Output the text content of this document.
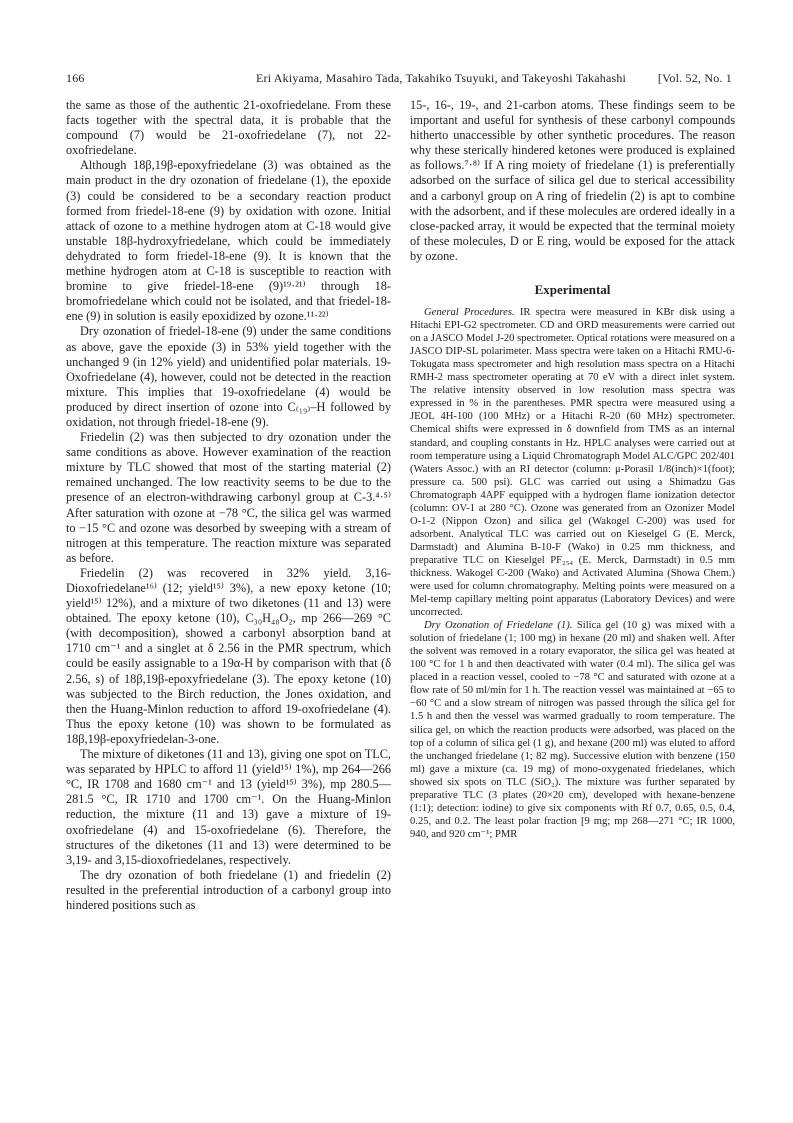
166	Eri Akiyama, Masahiro Tada, Takahiko Tsuyuki, and Takeyoshi Takahashi	[Vol. 52, No. 1

the same as those of the authentic 21-oxofriedelane. From these facts together with the spectral data, it is probable that the compound (7) would be 21-oxofriedelane (7), not 22-oxofriedelane.

Although 18β,19β-epoxyfriedelane (3) was obtained as the main product in the dry ozonation of friedelane (1), the epoxide (3) could be considered to be a secondary reaction product formed from friedel-18-ene (9) by oxidation with ozone. Initial attack of ozone to a methine hydrogen atom at C-18 would give unstable 18β-hydroxyfriedelane, which could be immediately dehydrated to form friedel-18-ene (9). It is known that the methine hydrogen atom at C-18 is susceptible to reaction with bromine to give friedel-18-ene (9)¹⁹·²¹⁾ through 18-bromofriedelane which could not be isolated, and that friedel-18-ene (9) in solution is easily epoxidized by ozone.¹¹·²²⁾

Dry ozonation of friedel-18-ene (9) under the same conditions as above, gave the epoxide (3) in 53% yield together with the unchanged 9 (in 12% yield) and unidentified polar materials. 19-Oxofriedelane (4), however, could not be detected in the reaction mixture. This implies that 19-oxofriedelane (4) would be produced by direct insertion of ozone into C₍₁₉₎–H followed by oxidation, not through friedel-18-ene (9).

Friedelin (2) was then subjected to dry ozonation under the same conditions as above. However examination of the reaction mixture by TLC showed that most of the starting material (2) remained unchanged. The low reactivity seems to be due to the presence of an electron-withdrawing carbonyl group at C-3.⁴·⁵⁾ After saturation with ozone at −78 °C, the silica gel was warmed to −15 °C and ozone was desorbed by sweeping with a stream of nitrogen at this temperature. The reaction mixture was separated as before.

Friedelin (2) was recovered in 32% yield. 3,16-Dioxofriedelane¹⁶⁾ (12; yield¹⁵⁾ 3%), a new epoxy ketone (10; yield¹⁵⁾ 12%), and a mixture of two diketones (11 and 13) were obtained. The epoxy ketone (10), C₃₀H₄₈O₂, mp 266—269 °C (with decomposition), showed a carbonyl absorption band at 1710 cm⁻¹ and a singlet at δ 2.56 in the PMR spectrum, which could be easily assignable to a 19α-H by comparison with that (δ 2.56, s) of 18β,19β-epoxyfriedelane (3). The epoxy ketone (10) was subjected to the Birch reduction, the Jones oxidation, and then the Huang-Minlon reduction to afford 19-oxofriedelane (4). Thus the epoxy ketone (10) was shown to be formulated as 18β,19β-epoxyfriedelan-3-one.

The mixture of diketones (11 and 13), giving one spot on TLC, was separated by HPLC to afford 11 (yield¹⁵⁾ 1%), mp 264—266 °C, IR 1708 and 1680 cm⁻¹ and 13 (yield¹⁵⁾ 3%), mp 280.5—281.5 °C, IR 1710 and 1700 cm⁻¹. On the Huang-Minlon reduction, the mixture (11 and 13) gave a mixture of 19-oxofriedelane (4) and 15-oxofriedelane (6). Therefore, the structures of the diketones (11 and 13) were determined to be 3,19- and 3,15-dioxofriedelanes, respectively.

The dry ozonation of both friedelane (1) and friedelin (2) resulted in the preferential introduction of a carbonyl group into hindered positions such as

15-, 16-, 19-, and 21-carbon atoms. These findings seem to be important and useful for synthesis of these carbonyl compounds hitherto unaccessible by other synthetic procedures. The reason why these sterically hindered ketones were produced is explained as follows.⁷·⁸⁾ If A ring moiety of friedelane (1) is preferentially adsorbed on the surface of silica gel due to sterical accessibility and a carbonyl group on A ring of friedelin (2) is apt to combine with the adsorbent, and if these molecules are ordered ideally in a close-packed array, it would be expected that the terminal moiety of these molecules, D or E ring, would be exposed for the attack by ozone.

Experimental

General Procedures. IR spectra were measured in KBr disk using a Hitachi EPI-G2 spectrometer. CD and ORD measurements were carried out on a JASCO Model J-20 spectrometer. Optical rotations were measured on a JASCO DIP-SL polarimeter. Mass spectra were taken on a Hitachi RMU-6-Tokugata mass spectrometer and high resolution mass spectra on a Hitachi RMH-2 mass spectrometer operating at 70 eV with a direct inlet system. The relative intensity observed in low resolution mass spectra was expressed in % in the parentheses. PMR spectra were measured using a JEOL 4H-100 (100 MHz) or a Hitachi R-20 (60 MHz) spectrometer. Chemical shifts were expressed in δ downfield from TMS as an internal standard, and coupling constants in Hz. HPLC analyses were carried out at room temperature using a Liquid Chromatograph Model ALC/GPC 202/401 (Waters Assoc.) with an RI detector (column: μ-Porasil 1/8(inch)×1(foot); pressure ca. 500 psi). GLC was carried out using a Shimadzu Gas Chromatograph 4APF equipped with a hydrogen flame ionization detector (column: OV-1 at 280 °C). Ozone was generated from an Ozonizer Model O-1-2 (Nippon Ozon) and silica gel (Wakogel C-200) was used for adsorbent. Analytical TLC was carried out on Kieselgel G (E. Merck, Darmstadt) and Alumina B-10-F (Wako) in 0.25 mm thickness, and preparative TLC on Kieselgel PF₂₅₄ (E. Merck, Darmstadt) in 0.5 mm thickness. Wakogel C-200 (Wako) and Activated Alumina (Showa Chem.) were used for column chromatography. Melting points were measured on a Mel-temp capillary melting point apparatus (Laboratory Devices) and were uncorrected.

Dry Ozonation of Friedelane (1). Silica gel (10 g) was mixed with a solution of friedelane (1; 100 mg) in hexane (20 ml) and shaken well. After the solvent was removed in a rotary evaporator, the silica gel was heated at 100 °C for 1 h and then deactivated with water (0.4 ml). The silica gel was placed in a reaction vessel, cooled to −78 °C and saturated with ozone at a flow rate of 50 ml/min for 1 h. The reaction vessel was maintained at −65 to −60 °C and a slow stream of nitrogen was passed through the silica gel for 1.5 h and then the vessel was warmed gradually to room temperature. The silica gel, on which the reaction products were adsorbed, was placed on the top of a column of silica gel (1 g), and hexane (200 ml) was eluted to afford the unchanged friedelane (1; 82 mg). Successive elution with benzene (150 ml) gave a mixture (ca. 19 mg) of mono-oxygenated friedelanes, which showed six spots on TLC (SiO₂). The mixture was further separated by preparative TLC (3 plates (20×20 cm), developed with hexane-benzene (1:1); detection: iodine) to give six components with Rf 0.7, 0.65, 0.5, 0.4, 0.25, and 0.2. The least polar fraction [9 mg; mp 268—271 °C; IR 1000, 940, and 920 cm⁻¹; PMR
